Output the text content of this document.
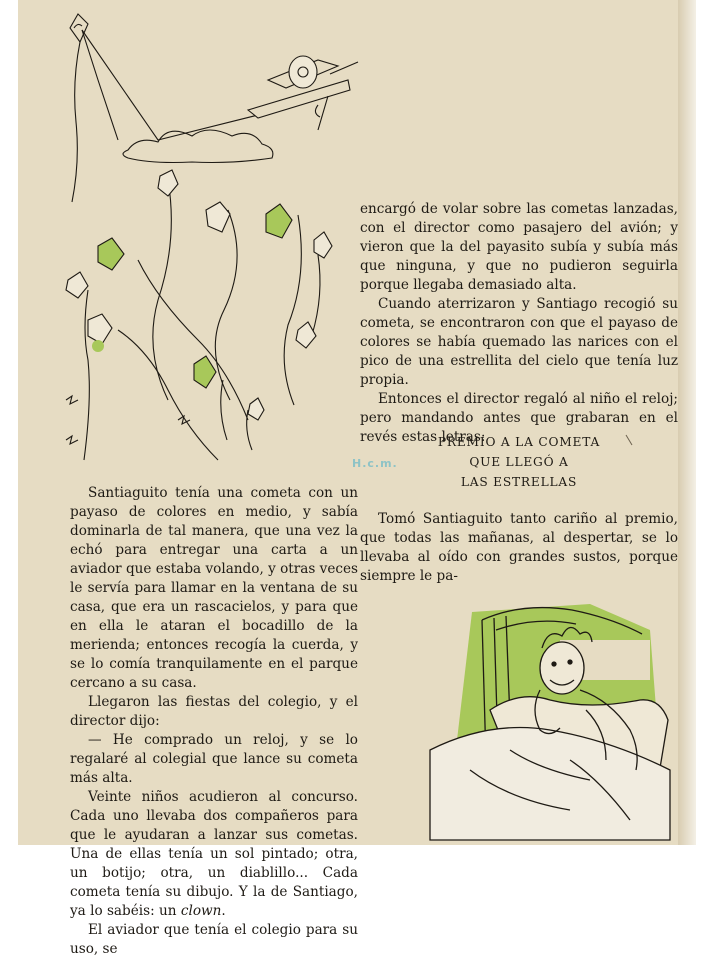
encargó de volar sobre las cometas lanzadas, con el director como pasajero del avión; y vieron que la del payasito subía y subía más que ninguna, y que no pudieron seguirla porque llegaba demasiado alta.

Cuando aterrizaron y Santiago recogió su cometa, se encontraron con que el payaso de colores se había quemado las narices con el pico de una estrellita del cielo que tenía luz propia.

Entonces el director regaló al niño el reloj; pero mandando antes que grabaran en el revés estas letras:

PREMIO A LA COMETA
QUE LLEGÓ A
LAS ESTRELLAS
H.c.m.

Tomó Santiaguito tanto cariño al premio, que todas las mañanas, al despertar, se lo llevaba al oído con grandes sustos, porque siempre le pa-

Santiaguito tenía una cometa con un payaso de colores en medio, y sabía dominarla de tal manera, que una vez la echó para entregar una carta a un aviador que estaba volando, y otras veces le servía para llamar en la ventana de su casa, que era un rascacielos, y para que en ella le ataran el bocadillo de la merienda; entonces recogía la cuerda, y se lo comía tranquilamente en el parque cercano a su casa.

Llegaron las fiestas del colegio, y el director dijo:

— He comprado un reloj, y se lo regalaré al colegial que lance su cometa más alta.

Veinte niños acudieron al concurso. Cada uno llevaba dos compañeros para que le ayudaran a lanzar sus cometas. Una de ellas tenía un sol pintado; otra, un botijo; otra, un diablillo... Cada cometa tenía su dibujo. Y la de Santiago, ya lo sabéis: un clown.

El aviador que tenía el colegio para su uso, se
